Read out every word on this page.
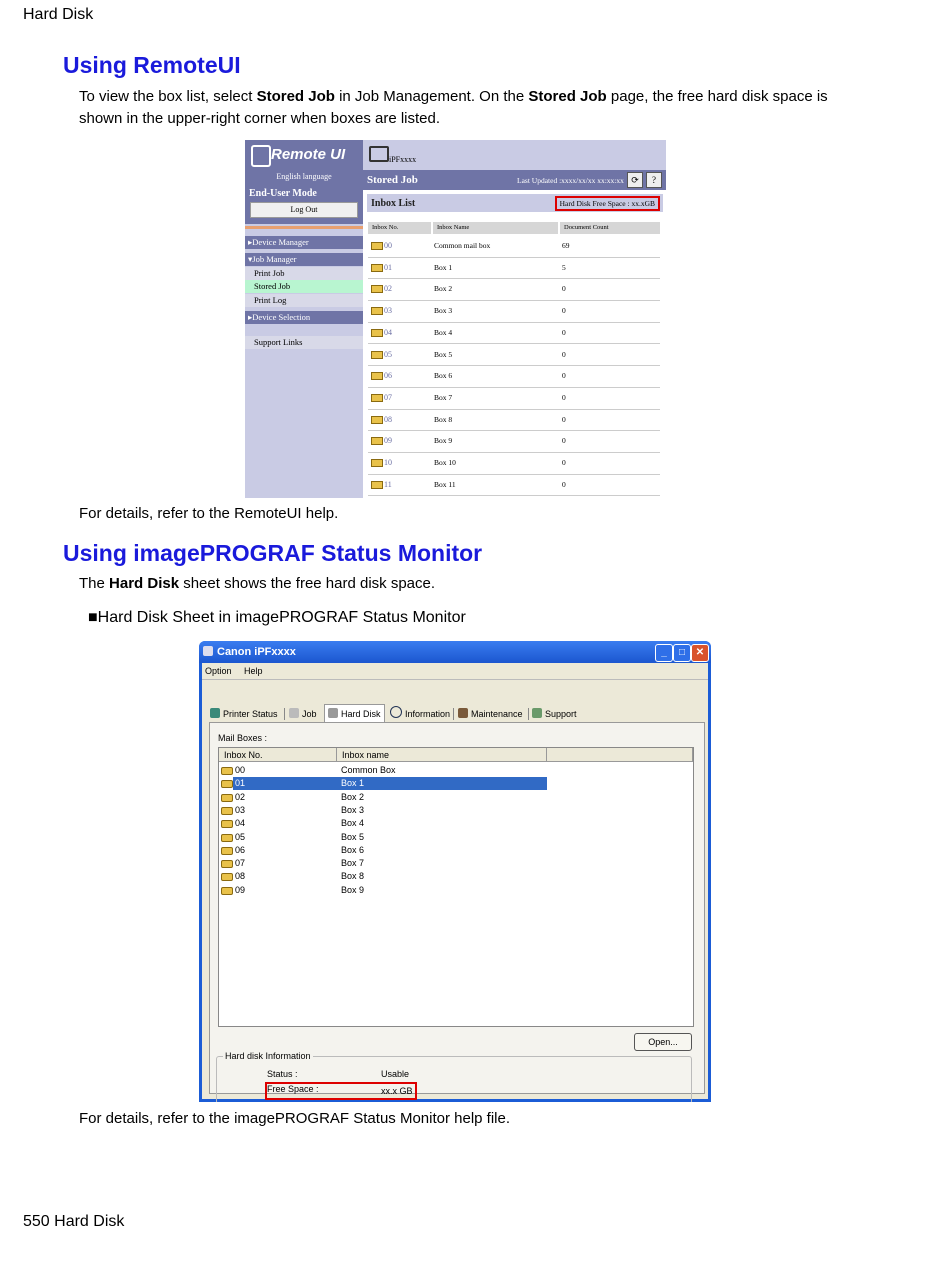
Hard Disk
Using RemoteUI
To view the box list, select Stored Job in Job Management. On the Stored Job page, the free hard disk space is shown in the upper-right corner when boxes are listed.
Remote UI
English language
End-User Mode
Log Out
▸Device Manager
▾Job Manager
Print Job
Stored Job
Print Log
▸Device Selection
Support Links
iPFxxxx
Stored Job	Last Updated :xxxx/xx/xx xx:xx:xx ⟳	?
Inbox List	Hard Disk Free Space : xx.xGB
Inbox No.	Inbox Name	Document Count
00	Common mail box	69
01	Box 1	5
02	Box 2	0
03	Box 3	0
04	Box 4	0
05	Box 5	0
06	Box 6	0
07	Box 7	0
08	Box 8	0
09	Box 9	0
10	Box 10	0
11	Box 11	0
For details, refer to the RemoteUI help.
Using imagePROGRAF Status Monitor
The Hard Disk sheet shows the free hard disk space.
■Hard Disk Sheet in imagePROGRAF Status Monitor
Canon iPFxxxx	_	□	✕
Option Help
Printer Status	Job	Hard Disk	Information	Maintenance	Support
Mail Boxes :
Inbox No.	Inbox name
00	Common Box
01	Box 1
02	Box 2
03	Box 3
04	Box 4
05	Box 5
06	Box 6
07	Box 7
08	Box 8
09	Box 9
Open...
Hard disk Information
Status :	Usable
Free Space :	xx.x GB
For details, refer to the imagePROGRAF Status Monitor help file.
550 Hard Disk
